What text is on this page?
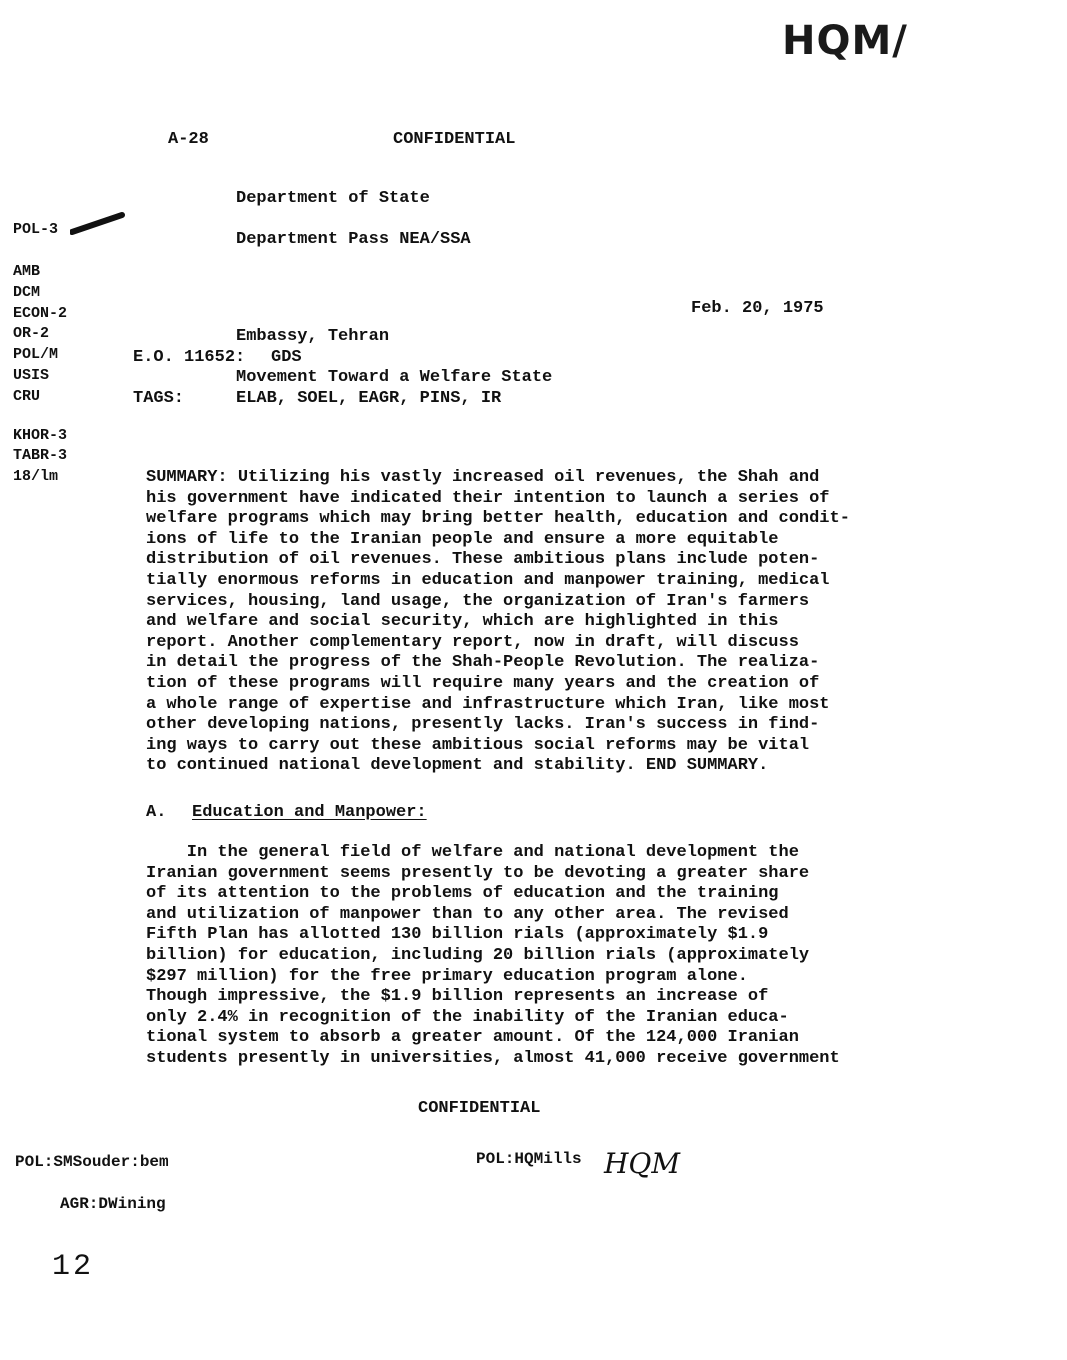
HQM/
A-28	CONFIDENTIAL
Department of State
Department Pass NEA/SSA
POL-3
AMB
DCM
ECON-2
OR-2
POL/M
USIS
CRU
KHOR-3
TABR-3
18/lm
Feb. 20, 1975
Embassy, Tehran
E.O. 11652: GDS
Movement Toward a Welfare State
TAGS:	ELAB, SOEL, EAGR, PINS, IR
SUMMARY: Utilizing his vastly increased oil revenues, the Shah and
his government have indicated their intention to launch a series of
welfare programs which may bring better health, education and condit-
ions of life to the Iranian people and ensure a more equitable
distribution of oil revenues. These ambitious plans include poten-
tially enormous reforms in education and manpower training, medical
services, housing, land usage, the organization of Iran's farmers
and welfare and social security, which are highlighted in this
report. Another complementary report, now in draft, will discuss
in detail the progress of the Shah-People Revolution. The realiza-
tion of these programs will require many years and the creation of
a whole range of expertise and infrastructure which Iran, like most
other developing nations, presently lacks. Iran's success in find-
ing ways to carry out these ambitious social reforms may be vital
to continued national development and stability. END SUMMARY.
A. Education and Manpower:
In the general field of welfare and national development the
Iranian government seems presently to be devoting a greater share
of its attention to the problems of education and the training
and utilization of manpower than to any other area. The revised
Fifth Plan has allotted 130 billion rials (approximately $1.9
billion) for education, including 20 billion rials (approximately
$297 million) for the free primary education program alone.
Though impressive, the $1.9 billion represents an increase of
only 2.4% in recognition of the inability of the Iranian educa-
tional system to absorb a greater amount. Of the 124,000 Iranian
students presently in universities, almost 41,000 receive government
CONFIDENTIAL
POL:SMSouder:bem	POL:HQMills HQM
AGR:DWining
12
